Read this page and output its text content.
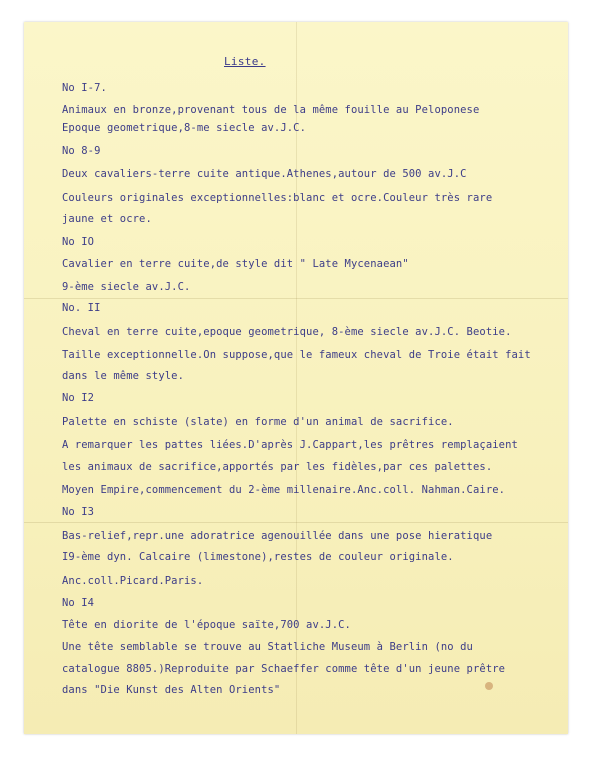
Liste.
No I-7.
Animaux en bronze,provenant tous de la même fouille au Peloponese
Epoque geometrique,8-me siecle av.J.C.
No 8-9
Deux cavaliers-terre cuite antique.Athenes,autour de 500 av.J.C
Couleurs originales exceptionnelles:blanc et ocre.Couleur très rare
jaune et ocre.
No IO
Cavalier en terre cuite,de style dit " Late Mycenaean"
9-ème siecle av.J.C.
No. II
Cheval en terre cuite,epoque geometrique, 8-ème siecle av.J.C. Beotie.
Taille exceptionnelle.On suppose,que le fameux cheval de Troie était fait
dans le même style.
No I2
Palette en schiste (slate) en forme d'un animal de sacrifice.
A remarquer les pattes liées.D'après J.Cappart,les prêtres remplaçaient
les animaux de sacrifice,apportés par les fidèles,par ces palettes.
Moyen Empire,commencement du 2-ème millenaire.Anc.coll. Nahman.Caire.
No I3
Bas-relief,repr.une adoratrice agenouillée dans une pose hieratique
I9-ème dyn. Calcaire (limestone),restes de couleur originale.
Anc.coll.Picard.Paris.
No I4
Tête en diorite de l'époque saïte,700 av.J.C.
Une tête semblable se trouve au Statliche Museum à Berlin (no du
catalogue 8805.)Reproduite par Schaeffer comme tête d'un jeune prêtre
dans "Die Kunst des Alten Orients"
